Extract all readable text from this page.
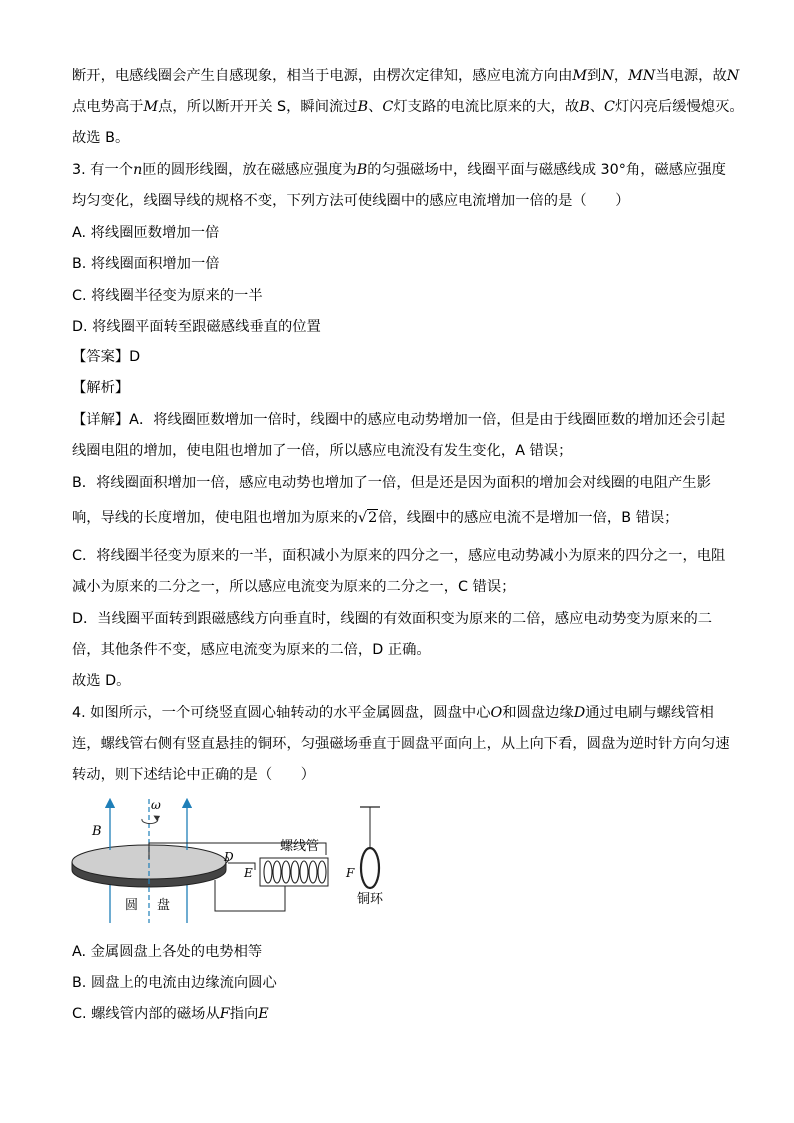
断开，电感线圈会产生自感现象，相当于电源，由楞次定律知，感应电流方向由M到N，MN当电源，故N
点电势高于M点，所以断开开关 S，瞬间流过B、C灯支路的电流比原来的大，故B、C灯闪亮后缓慢熄灭。
故选 B。
3. 有一个n匝的圆形线圈，放在磁感应强度为B的匀强磁场中，线圈平面与磁感线成 30°角，磁感应强度
均匀变化，线圈导线的规格不变，下列方法可使线圈中的感应电流增加一倍的是（　　）
A. 将线圈匝数增加一倍
B. 将线圈面积增加一倍
C. 将线圈半径变为原来的一半
D. 将线圈平面转至跟磁感线垂直的位置
【答案】D
【解析】
【详解】A．将线圈匝数增加一倍时，线圈中的感应电动势增加一倍，但是由于线圈匝数的增加还会引起
线圈电阻的增加，使电阻也增加了一倍，所以感应电流没有发生变化，A 错误；
B．将线圈面积增加一倍，感应电动势也增加了一倍，但是还是因为面积的增加会对线圈的电阻产生影
响，导线的长度增加，使电阻也增加为原来的√2倍，线圈中的感应电流不是增加一倍，B 错误；
C．将线圈半径变为原来的一半，面积减小为原来的四分之一，感应电动势减小为原来的四分之一，电阻
减小为原来的二分之一，所以感应电流变为原来的二分之一，C 错误；
D．当线圈平面转到跟磁感线方向垂直时，线圈的有效面积变为原来的二倍，感应电动势变为原来的二
倍，其他条件不变，感应电流变为原来的二倍，D 正确。
故选 D。
4. 如图所示，一个可绕竖直圆心轴转动的水平金属圆盘，圆盘中心O和圆盘边缘D通过电刷与螺线管相
连，螺线管右侧有竖直悬挂的铜环，匀强磁场垂直于圆盘平面向上，从上向下看，圆盘为逆时针方向匀速
转动，则下述结论中正确的是（　　）
B
ω
D
E	F
螺线管
铜环
圆 盘
A. 金属圆盘上各处的电势相等
B. 圆盘上的电流由边缘流向圆心
C. 螺线管内部的磁场从F指向E
